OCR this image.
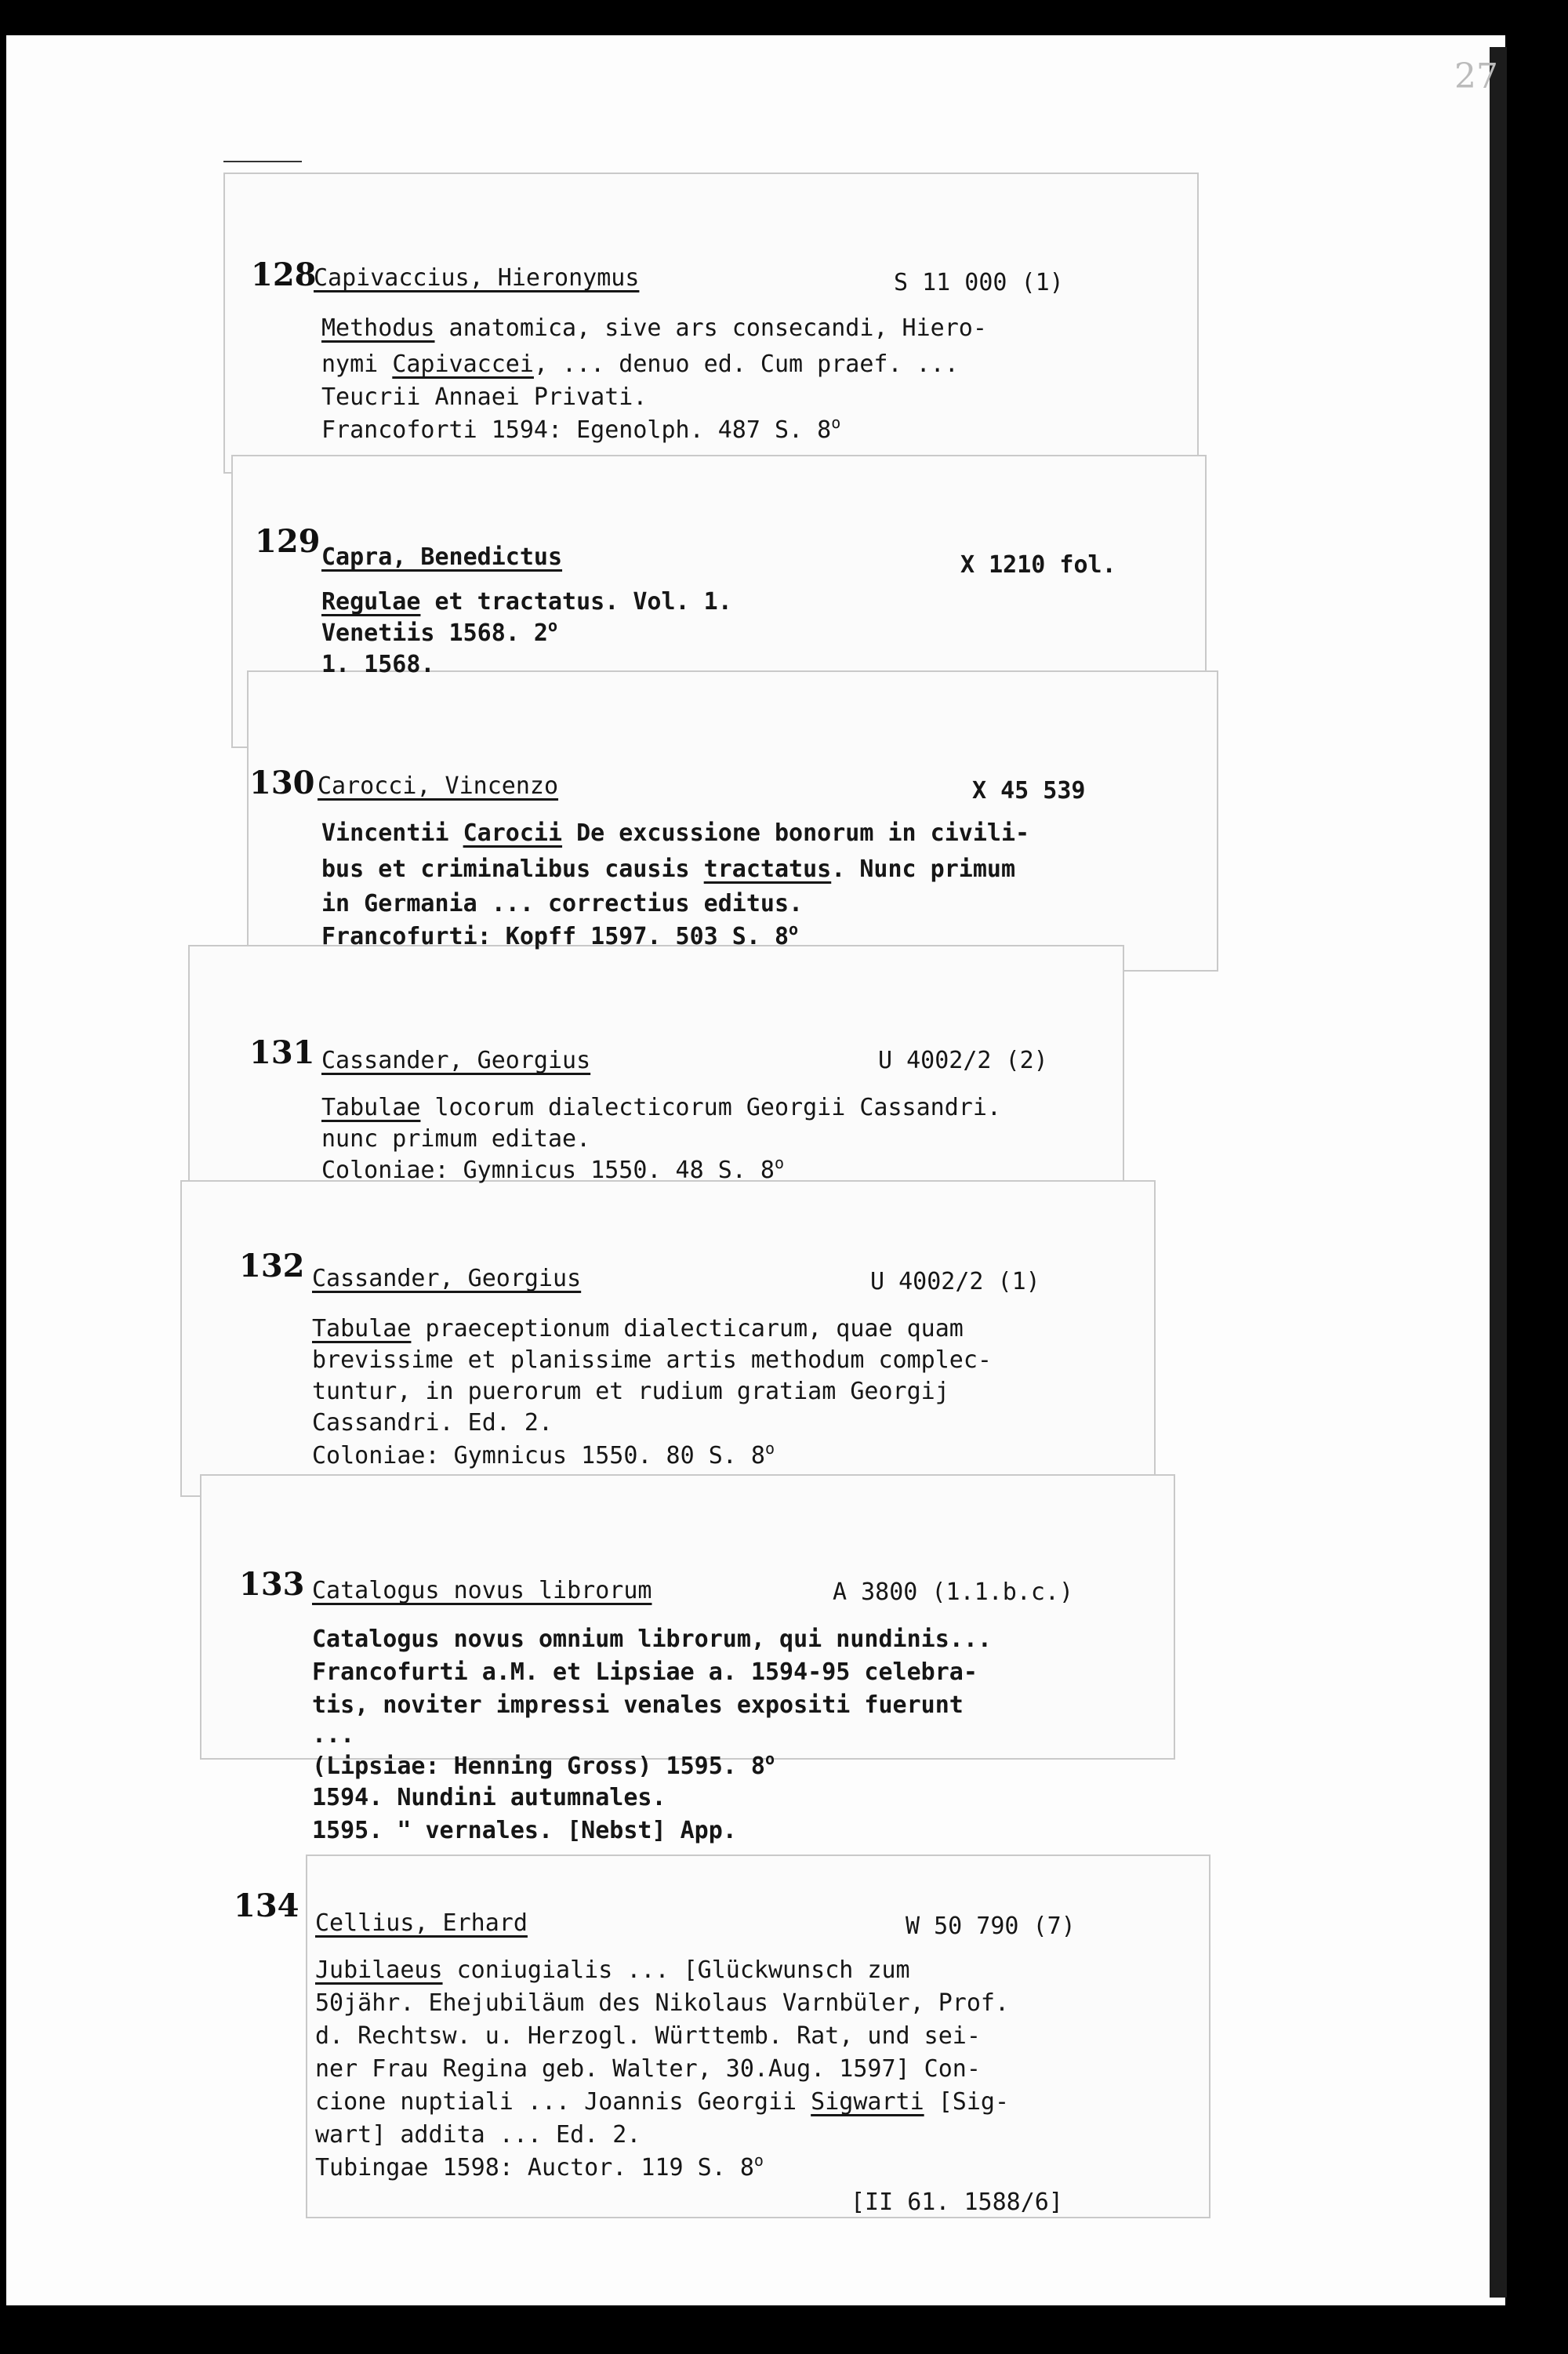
27
128
Capivaccius, Hieronymus	S 11 000 (1)
Methodus anatomica, sive ars consecandi, Hiero-
nymi Capivaccei, ... denuo ed. Cum praef. ...
Teucrii Annaei Privati.
Francoforti 1594: Egenolph. 487 S. 8$^o$
129 Capra, Benedictus	X 1210 fol.
Regulae et tractatus. Vol. 1.
Venetiis 1568. 2$^o$
1. 1568.
130 Carocci, Vincenzo	X 45 539
Vincentii Carocii De excussione bonorum in civili-
bus et criminalibus causis tractatus. Nunc primum
in Germania ... correctius editus.
Francofurti: Kopff 1597. 503 S. 8$^o$
131 Cassander, Georgius	U 4002/2 (2)
Tabulae locorum dialecticorum Georgii Cassandri.
nunc primum editae.
Coloniae: Gymnicus 1550. 48 S. 8$^o$
132 Cassander, Georgius	U 4002/2 (1)
Tabulae praeceptionum dialecticarum, quae quam
brevissime et planissime artis methodum complec-
tuntur, in puerorum et rudium gratiam Georgij
Cassandri. Ed. 2.
Coloniae: Gymnicus 1550. 80 S. 8$^o$
133 Catalogus novus librorum	A 3800 (1.1.b.c.)
Catalogus novus omnium librorum, qui nundinis...
Francofurti a.M. et Lipsiae a. 1594-95 celebra-
tis, noviter impressi venales expositi fuerunt
...
(Lipsiae: Henning Gross) 1595. 8$^o$
1594. Nundini autumnales.
1595. " vernales. [Nebst] App.
134 Cellius, Erhard	W 50 790 (7)
Jubilaeus coniugialis ... [Glückwunsch zum
50jähr. Ehejubiläum des Nikolaus Varnbüler, Prof.
d. Rechtsw. u. Herzogl. Württemb. Rat, und sei-
ner Frau Regina geb. Walter, 30.Aug. 1597] Con-
cione nuptiali ... Joannis Georgii Sigwarti [Sig-
wart] addita ... Ed. 2.
Tubingae 1598: Auctor. 119 S. 8$^o$
[II 61. 1588/6]
